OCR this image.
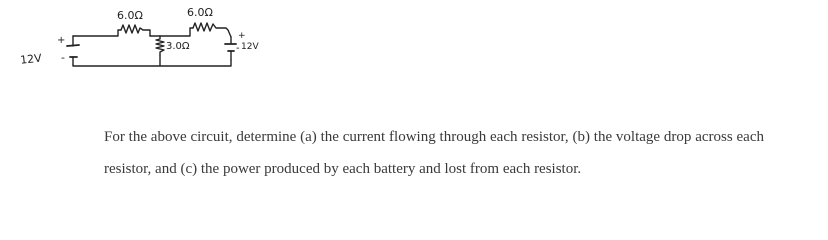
12V
+
-
6.0Ω	6.0Ω
3.0Ω
+
- 12V

For the above circuit, determine (a) the current flowing through each resistor, (b) the voltage drop across each resistor, and (c) the power produced by each battery and lost from each resistor.
